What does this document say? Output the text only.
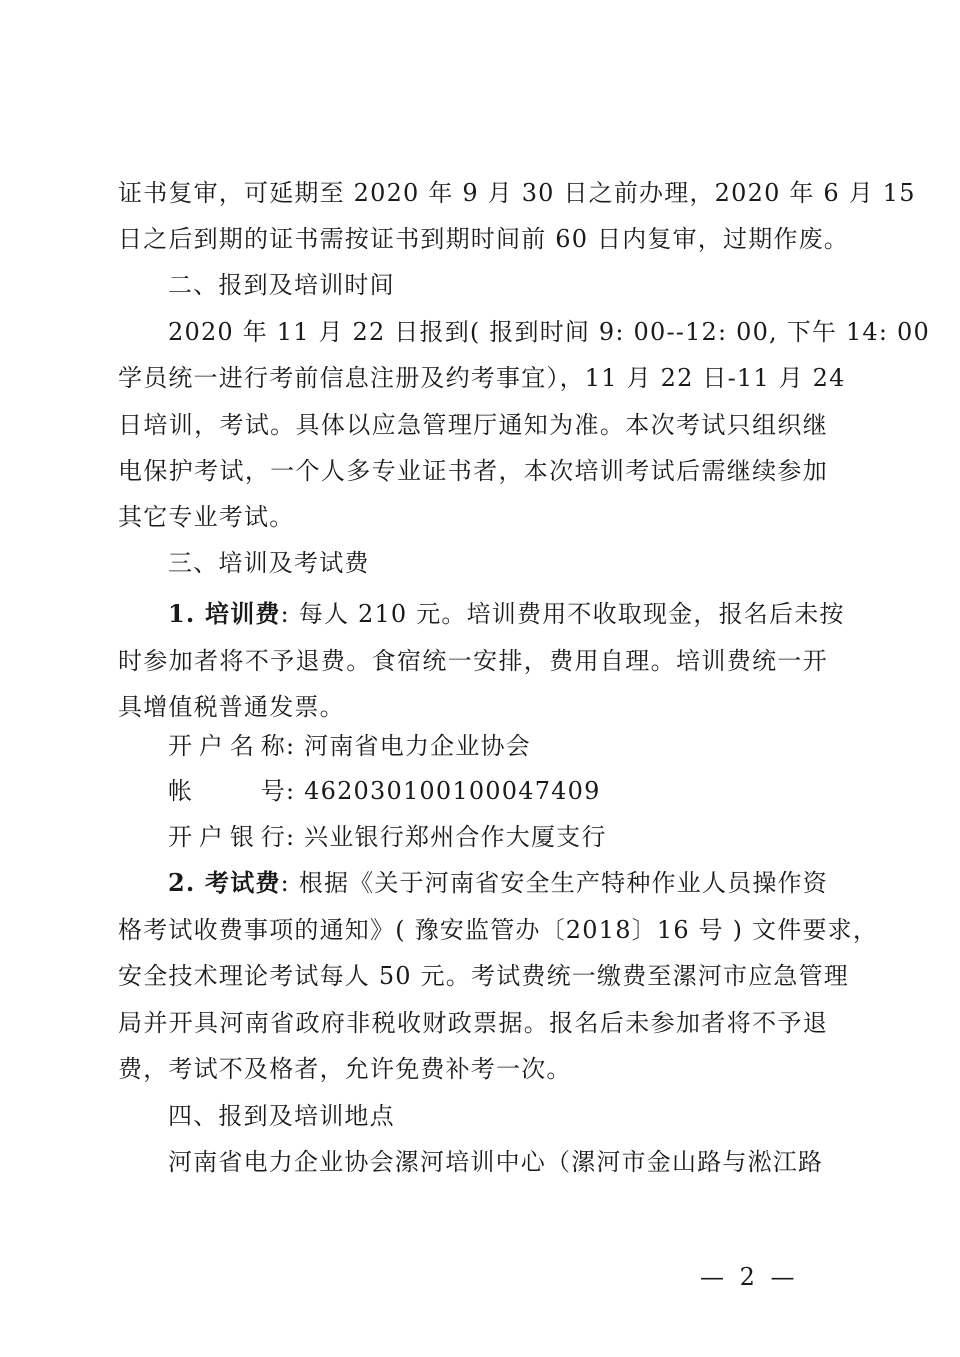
证书复审，可延期至 2020 年 9 月 30 日之前办理，2020 年 6 月 15
日之后到期的证书需按证书到期时间前 60 日内复审，过期作废。
二、报到及培训时间
2020 年 11 月 22 日报到( 报到时间 9: 00--12: 00, 下午 14: 00
学员统一进行考前信息注册及约考事宜），11 月 22 日-11 月 24
日培训，考试。具体以应急管理厅通知为准。本次考试只组织继
电保护考试，一个人多专业证书者，本次培训考试后需继续参加
其它专业考试。
三、培训及考试费
1. 培训费: 每人 210 元。培训费用不收取现金，报名后未按
时参加者将不予退费。食宿统一安排，费用自理。培训费统一开
具增值税普通发票。
开户名称: 河南省电力企业协会
帐号: 462030100100047409
开户银行: 兴业银行郑州合作大厦支行
2. 考试费: 根据《关于河南省安全生产特种作业人员操作资
格考试收费事项的通知》( 豫安监管办〔2018〕16 号 ) 文件要求，
安全技术理论考试每人 50 元。考试费统一缴费至漯河市应急管理
局并开具河南省政府非税收财政票据。报名后未参加者将不予退
费，考试不及格者，允许免费补考一次。
四、报到及培训地点
河南省电力企业协会漯河培训中心（漯河市金山路与淞江路
— 2 —
